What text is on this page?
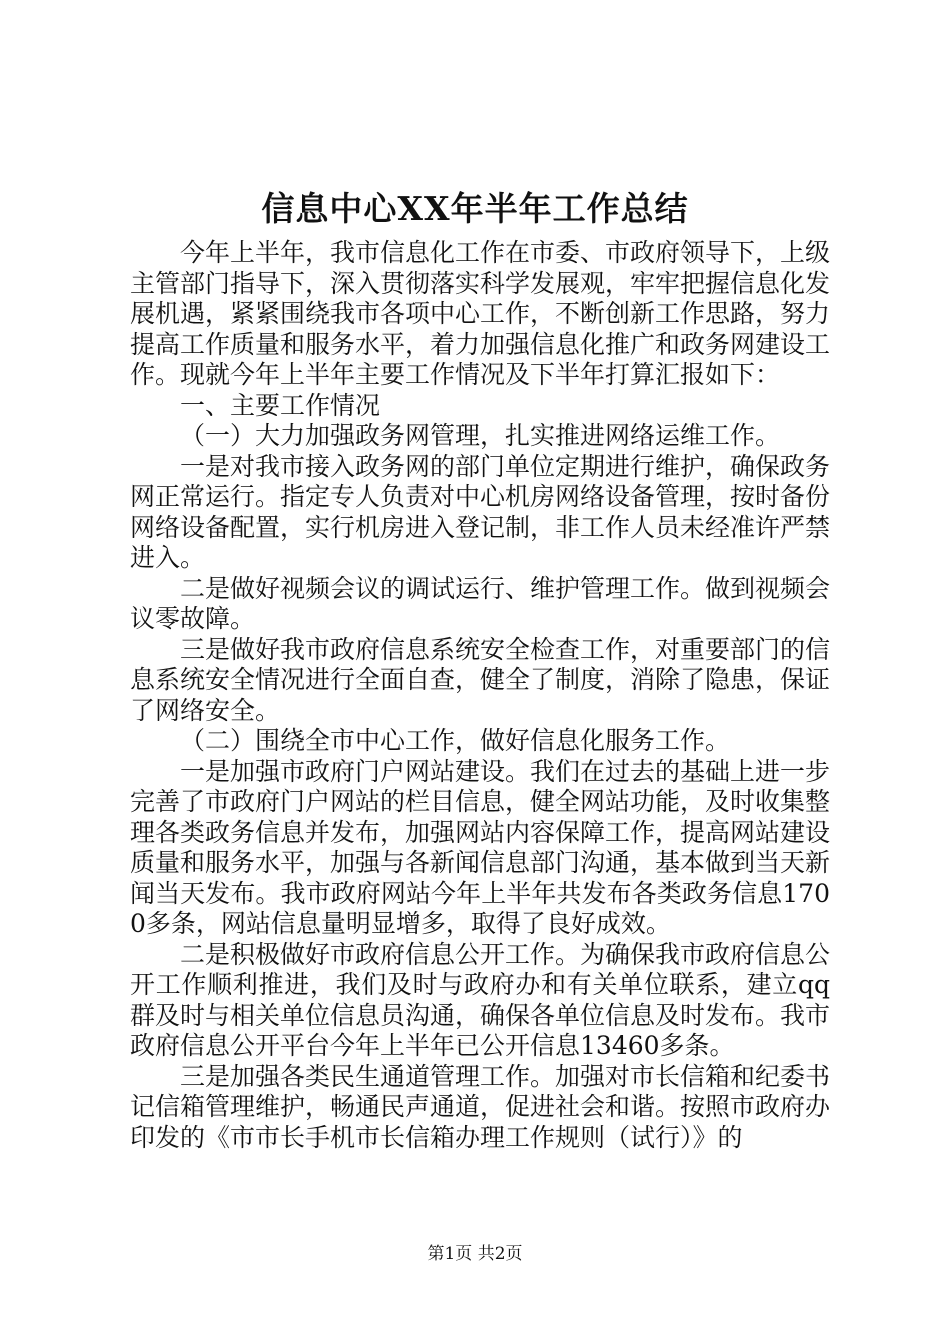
信息中心XX年半年工作总结

今年上半年，我市信息化工作在市委、市政府领导下，上级主管部门指导下，深入贯彻落实科学发展观，牢牢把握信息化发展机遇，紧紧围绕我市各项中心工作，不断创新工作思路，努力提高工作质量和服务水平，着力加强信息化推广和政务网建设工作。现就今年上半年主要工作情况及下半年打算汇报如下：

一、主要工作情况

（一）大力加强政务网管理，扎实推进网络运维工作。

一是对我市接入政务网的部门单位定期进行维护，确保政务网正常运行。指定专人负责对中心机房网络设备管理，按时备份网络设备配置，实行机房进入登记制，非工作人员未经准许严禁进入。

二是做好视频会议的调试运行、维护管理工作。做到视频会议零故障。

三是做好我市政府信息系统安全检查工作，对重要部门的信息系统安全情况进行全面自查，健全了制度，消除了隐患，保证了网络安全。

（二）围绕全市中心工作，做好信息化服务工作。

一是加强市政府门户网站建设。我们在过去的基础上进一步完善了市政府门户网站的栏目信息，健全网站功能，及时收集整理各类政务信息并发布，加强网站内容保障工作，提高网站建设质量和服务水平，加强与各新闻信息部门沟通，基本做到当天新闻当天发布。我市政府网站今年上半年共发布各类政务信息1700多条，网站信息量明显增多，取得了良好成效。

二是积极做好市政府信息公开工作。为确保我市政府信息公开工作顺利推进，我们及时与政府办和有关单位联系，建立qq群及时与相关单位信息员沟通，确保各单位信息及时发布。我市政府信息公开平台今年上半年已公开信息13460多条。

三是加强各类民生通道管理工作。加强对市长信箱和纪委书记信箱管理维护，畅通民声通道，促进社会和谐。按照市政府办印发的《市市长手机市长信箱办理工作规则（试行）》的

第1页 共2页
